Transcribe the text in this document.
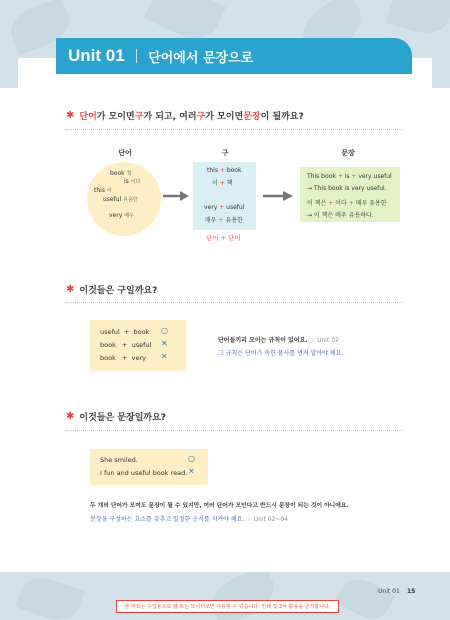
Unit 01 단어에서 문장으로
✱ 단어 가 모이면 구 가 되고, 여러 구 가 모이면 문장 이 될까요?
단어	구	문장
book 책
is 이다
this 이
useful 유용한
very 매우
this + book
이 + 책
very + useful
매우 + 유용한
This book + is + very useful
→ This book is very useful.
이 책은 + 이다 + 매우 유용한
→ 이 책은 매우 유용하다.
단어 + 단어
✱ 이것들은 구일까요?
useful + book ○
book + useful ✕
book + very ✕
단어들끼리 모이는 규칙이 있어요. ☞ Unit 02
그 규칙은 단어가 속한 품사를 먼저 알아야 해요.
✱ 이것들은 문장일까요?
She smiled.	○
I fun and useful book read. ✕
두 개의 단어가 모여도 문장이 될 수 있지만, 여러 단어가 모인다고 반드시 문장이 되는 것이 아니에요.
문장을 구성하는 요소를 갖추고 일정한 순서를 지켜야 해요. ☞ Unit 02~04
Unit 01 15
본 자료는 수업용으로 웹 또는 모니터로만 사용할 수 있습니다. 인쇄 및 2차 활용을 금지합니다.
